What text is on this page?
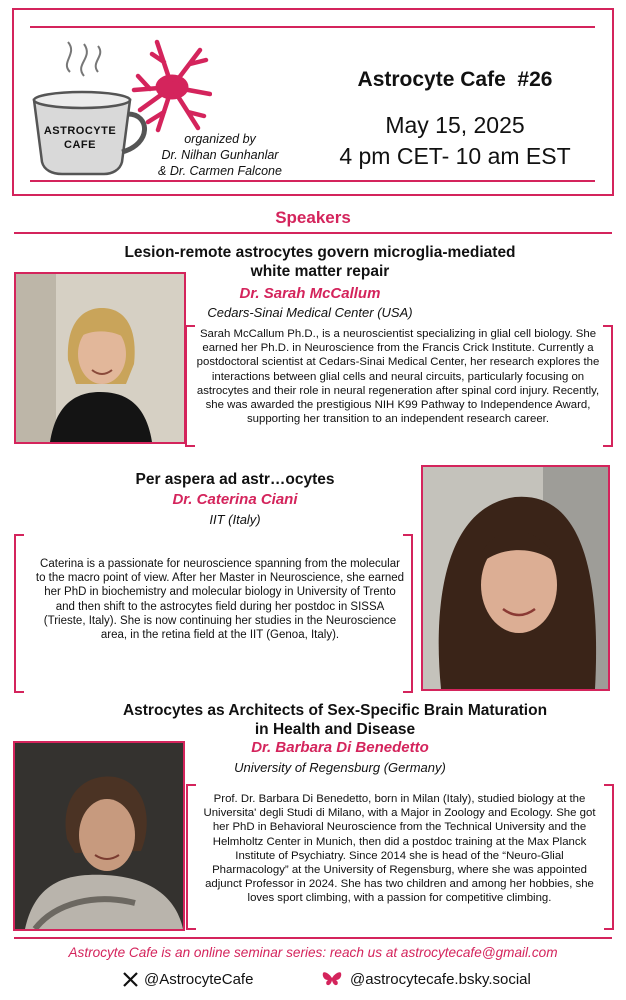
ASTROCYTE
CAFE	organized by
Dr. Nilhan Gunhanlar
& Dr. Carmen Falcone
Astrocyte Cafe  #26
May 15, 2025
4 pm CET- 10 am EST
Speakers
Lesion-remote astrocytes govern microglia-mediated
white matter repair
Dr. Sarah McCallum
Cedars-Sinai Medical Center (USA)
Sarah McCallum Ph.D., is a neuroscientist specializing in glial cell biology. She earned her Ph.D. in Neuroscience from the Francis Crick Institute. Currently a postdoctoral scientist at Cedars-Sinai Medical Center, her research explores the interactions between glial cells and neural circuits, particularly focusing on astrocytes and their role in neural regeneration after spinal cord injury. Recently, she was awarded the prestigious NIH K99 Pathway to Independence Award, supporting her transition to an independent research career.
Per aspera ad astr…ocytes
Dr. Caterina Ciani
IIT (Italy)
Caterina is a passionate for neuroscience spanning from the molecular to the macro point of view. After her Master in Neuroscience, she earned her PhD in biochemistry and molecular biology in University of Trento and then shift to the astrocytes field during her postdoc in SISSA (Trieste, Italy). She is now continuing her studies in the Neuroscience area, in the retina field at the IIT (Genoa, Italy).
Astrocytes as Architects of Sex-Specific Brain Maturation
in Health and Disease
Dr. Barbara Di Benedetto
University of Regensburg (Germany)
Prof. Dr. Barbara Di Benedetto, born in Milan (Italy), studied biology at the Universita' degli Studi di Milano, with a Major in Zoology and Ecology. She got her PhD in Behavioral Neuroscience from the Technical University and the Helmholtz Center in Munich, then did a postdoc training at the Max Planck Institute of Psychiatry. Since 2014 she is head of the “Neuro-Glial Pharmacology” at the University of Regensburg, where she was appointed adjunct Professor in 2024. She has two children and among her hobbies, she loves sport climbing, with a passion for competitive climbing.
Astrocyte Cafe is an online seminar series: reach us at astrocytecafe@gmail.com
@AstrocyteCafe	@astrocytecafe.bsky.social
